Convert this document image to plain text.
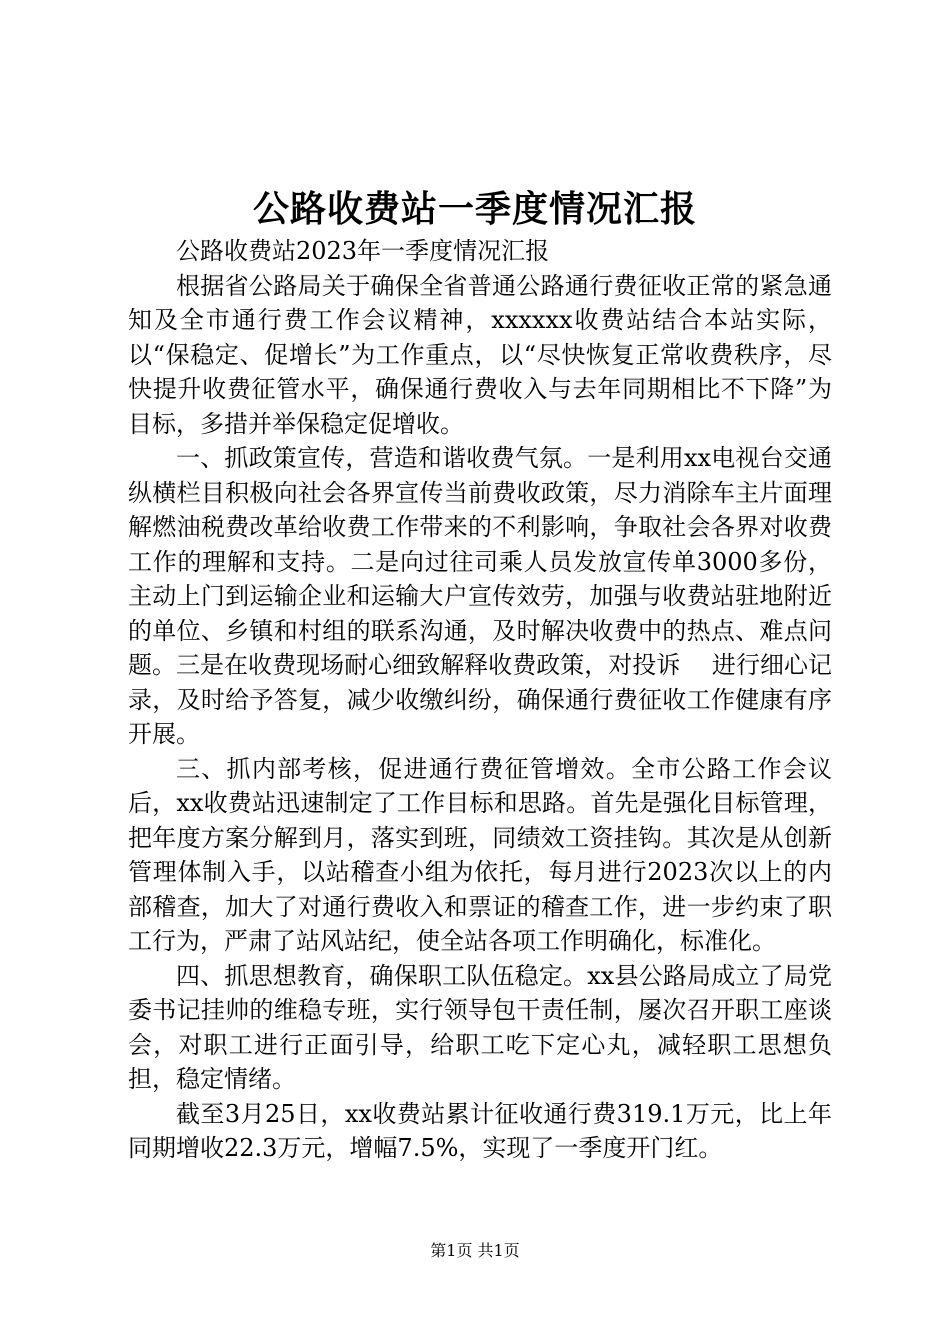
公路收费站一季度情况汇报

公路收费站2023年一季度情况汇报

根据省公路局关于确保全省普通公路通行费征收正常的紧急通知及全市通行费工作会议精神，xxxxxx收费站结合本站实际，以“保稳定、促增长”为工作重点，以“尽快恢复正常收费秩序，尽快提升收费征管水平，确保通行费收入与去年同期相比不下降”为目标，多措并举保稳定促增收。

一、抓政策宣传，营造和谐收费气氛。一是利用xx电视台交通纵横栏目积极向社会各界宣传当前费收政策，尽力消除车主片面理解燃油税费改革给收费工作带来的不利影响，争取社会各界对收费工作的理解和支持。二是向过往司乘人员发放宣传单3000多份，主动上门到运输企业和运输大户宣传效劳，加强与收费站驻地附近的单位、乡镇和村组的联系沟通，及时解决收费中的热点、难点问题。三是在收费现场耐心细致解释收费政策，对投诉　 进行细心记录，及时给予答复，减少收缴纠纷，确保通行费征收工作健康有序开展。

三、抓内部考核，促进通行费征管增效。全市公路工作会议后，xx收费站迅速制定了工作目标和思路。首先是强化目标管理，把年度方案分解到月，落实到班，同绩效工资挂钩。其次是从创新管理体制入手，以站稽查小组为依托，每月进行2023次以上的内部稽查，加大了对通行费收入和票证的稽查工作，进一步约束了职工行为，严肃了站风站纪，使全站各项工作明确化，标准化。

四、抓思想教育，确保职工队伍稳定。xx县公路局成立了局党委书记挂帅的维稳专班，实行领导包干责任制，屡次召开职工座谈会，对职工进行正面引导，给职工吃下定心丸，减轻职工思想负担，稳定情绪。

截至3月25日，xx收费站累计征收通行费319.1万元，比上年同期增收22.3万元，增幅7.5%，实现了一季度开门红。

第1页 共1页
